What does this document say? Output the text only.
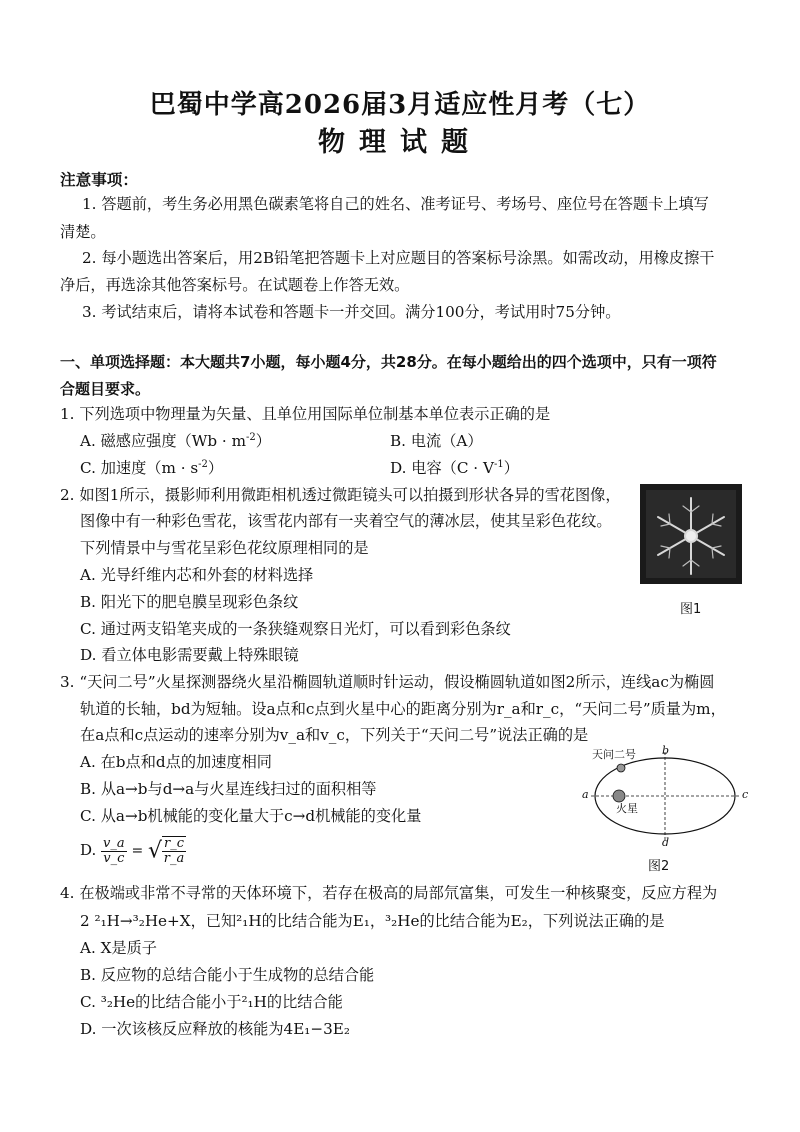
巴蜀中学高2026届3月适应性月考（七）
物理试题
注意事项：
1. 答题前，考生务必用黑色碳素笔将自己的姓名、准考证号、考场号、座位号在答题卡上填写
清楚。
2. 每小题选出答案后，用2B铅笔把答题卡上对应题目的答案标号涂黑。如需改动，用橡皮擦干
净后，再选涂其他答案标号。在试题卷上作答无效。
3. 考试结束后，请将本试卷和答题卡一并交回。满分100分，考试用时75分钟。
一、单项选择题：本大题共7小题，每小题4分，共28分。在每小题给出的四个选项中，只有一项符
合题目要求。
1. 下列选项中物理量为矢量、且单位用国际单位制基本单位表示正确的是
A. 磁感应强度$(Wb \cdot m^{-2})$	B. 电流（A）
C. 加速度$(m \cdot s^{-2})$	D. 电容$(C \cdot V^{-1})$
2. 如图1所示，摄影师利用微距相机透过微距镜头可以拍摄到形状各异的雪花图像，
图像中有一种彩色雪花，该雪花内部有一夹着空气的薄冰层，使其呈彩色花纹。
下列情景中与雪花呈彩色花纹原理相同的是
A. 光导纤维内芯和外套的材料选择
B. 阳光下的肥皂膜呈现彩色条纹
C. 通过两支铅笔夹成的一条狭缝观察日光灯，可以看到彩色条纹
D. 看立体电影需要戴上特殊眼镜
图1
3. “天问二号”火星探测器绕火星沿椭圆轨道顺时针运动，假设椭圆轨道如图2所示，连线ac为椭圆
轨道的长轴，bd为短轴。设a点和c点到火星中心的距离分别为r_a和r_c，“天问二号”质量为m，
在a点和c点运动的速率分别为v_a和v_c，下列关于“天问二号”说法正确的是
A. 在b点和d点的加速度相同
B. 从a→b与d→a与火星连线扫过的面积相等
C. 从a→b机械能的变化量大于c→d机械能的变化量
D. $\frac{v\_a}{v\_c}$ = √ $\frac{r\_c}{r\_a}$
天问二号
火星
a
b
c
d
图2
4. 在极端或非常不寻常的天体环境下，若存在极高的局部氘富集，可发生一种核聚变，反应方程为
2 ²₁H→³₂He+X，已知²₁H的比结合能为E₁，³₂He的比结合能为E₂，下列说法正确的是
A. X是质子
B. 反应物的总结合能小于生成物的总结合能
C. ³₂He的比结合能小于²₁H的比结合能
D. 一次该核反应释放的核能为4E₁−3E₂
